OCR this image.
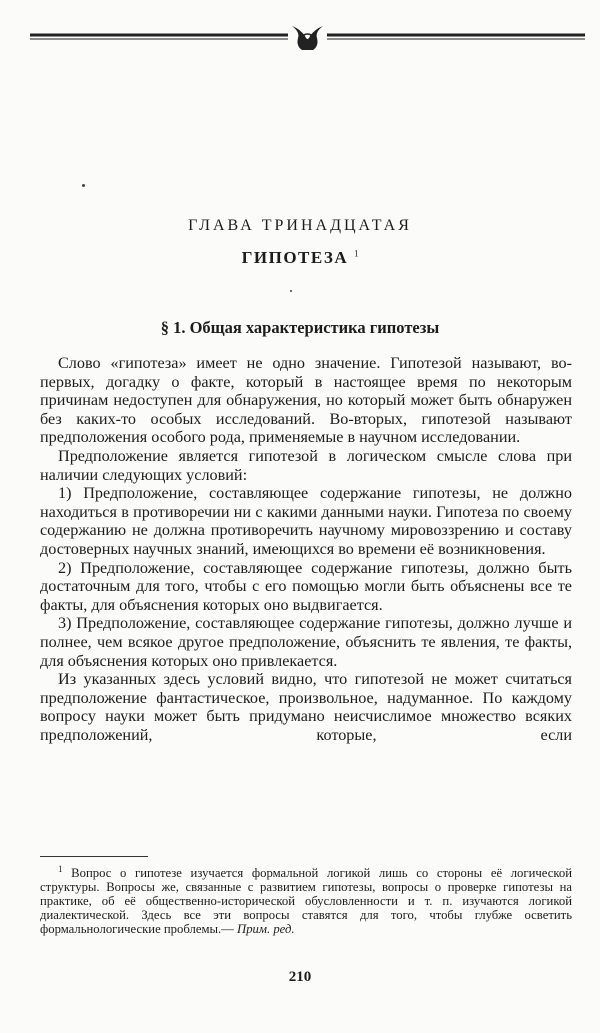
ГЛАВА ТРИНАДЦАТАЯ
ГИПОТЕЗА $^1$
§ 1. Общая характеристика гипотезы

Слово «гипотеза» имеет не одно значение. Гипотезой называют, во-первых, догадку о факте, который в настоящее время по некоторым причинам недоступен для обнаружения, но который может быть обнаружен без каких-то особых исследований. Во-вторых, гипотезой называют предположения особого рода, применяемые в научном исследовании.

Предположение является гипотезой в логическом смысле слова при наличии следующих условий:

1) Предположение, составляющее содержание гипотезы, не должно находиться в противоречии ни с какими данными науки. Гипотеза по своему содержанию не должна противоречить научному мировоззрению и составу достоверных научных знаний, имеющихся во времени её возникновения.

2) Предположение, составляющее содержание гипотезы, должно быть достаточным для того, чтобы с его помощью могли быть объяснены все те факты, для объяснения которых оно выдвигается.

3) Предположение, составляющее содержание гипотезы, должно лучше и полнее, чем всякое другое предположение, объяснить те явления, те факты, для объяснения которых оно привлекается.

Из указанных здесь условий видно, что гипотезой не может считаться предположение фантастическое, произвольное, надуманное. По каждому вопросу науки может быть придумано неисчислимое множество всяких предположений, которые, если

$^1$ Вопрос о гипотезе изучается формальной логикой лишь со стороны её логической структуры. Вопросы же, связанные с развитием гипотезы, вопросы о проверке гипотезы на практике, об её общественно-исторической обусловленности и т. п. изучаются логикой диалектической. Здесь все эти вопросы ставятся для того, чтобы глубже осветить формальнологические проблемы.— Прим. ред.

210
